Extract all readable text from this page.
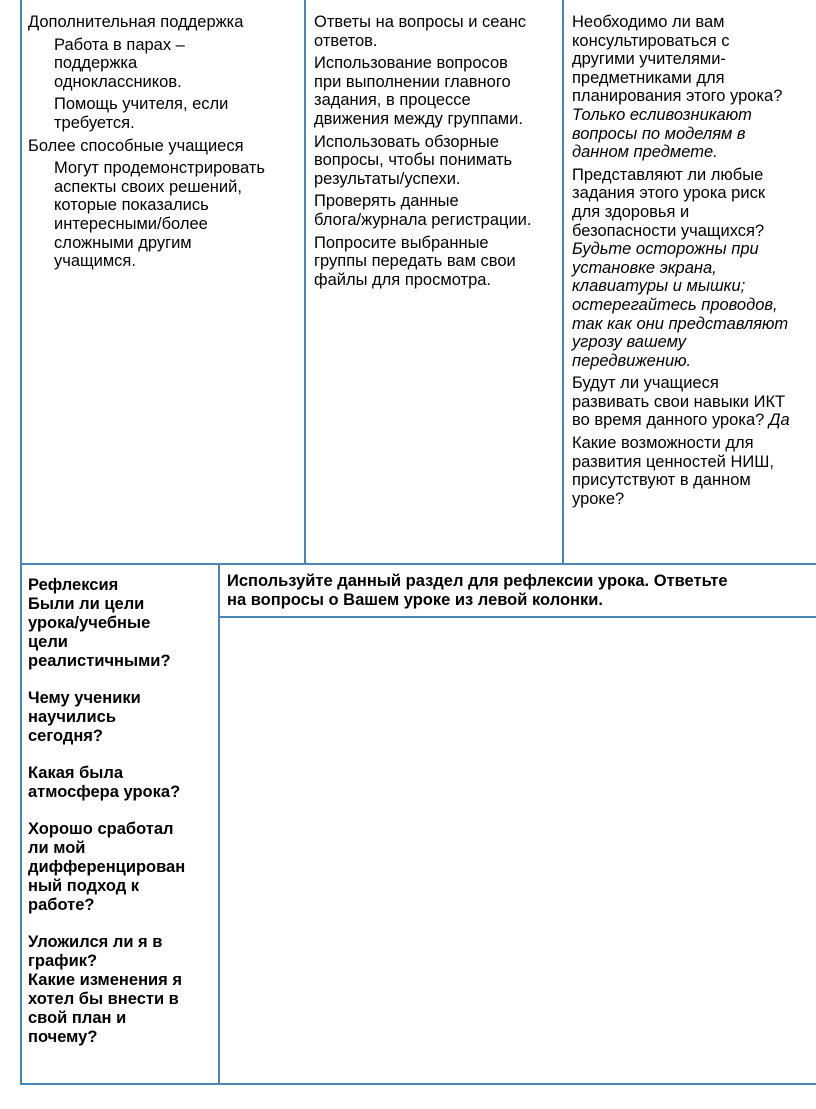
Дополнительная поддержка
Работа в парах –
поддержка
одноклассников.
Помощь учителя, если
требуется.
Более способные учащиеся
Могут продемонстрировать
аспекты своих решений,
которые показались
интересными/более
сложными другим
учащимся.
Ответы на вопросы и сеанс
ответов.
Использование вопросов
при выполнении главного
задания, в процессе
движения между группами.
Использовать обзорные
вопросы, чтобы понимать
результаты/успехи.
Проверять данные
блога/журнала регистрации.
Попросите выбранные
группы передать вам свои
файлы для просмотра.
Необходимо ли вам
консультироваться с
другими учителями-
предметниками для
планирования этого урока?
Только есливозникают
вопросы по моделям в
данном предмете.
Представляют ли любые
задания этого урока риск
для здоровья и
безопасности учащихся?
Будьте осторожны при
установке экрана,
клавиатуры и мышки;
остерегайтесь проводов,
так как они представляют
угрозу вашему
передвижению.
Будут ли учащиеся
развивать свои навыки ИКТ
во время данного урока? Да
Какие возможности для
развития ценностей НИШ,
присутствуют в данном
уроке?
Рефлексия
Были ли цели
урока/учебные
цели
реалистичными?
Чему ученики
научились
сегодня?
Какая была
атмосфера урока?
Хорошо сработал
ли мой
дифференцирован
ный подход к
работе?
Уложился ли я в
график?
Какие изменения я
хотел бы внести в
свой план и
почему?
Используйте данный раздел для рефлексии урока. Ответьте
на вопросы о Вашем уроке из левой колонки.
